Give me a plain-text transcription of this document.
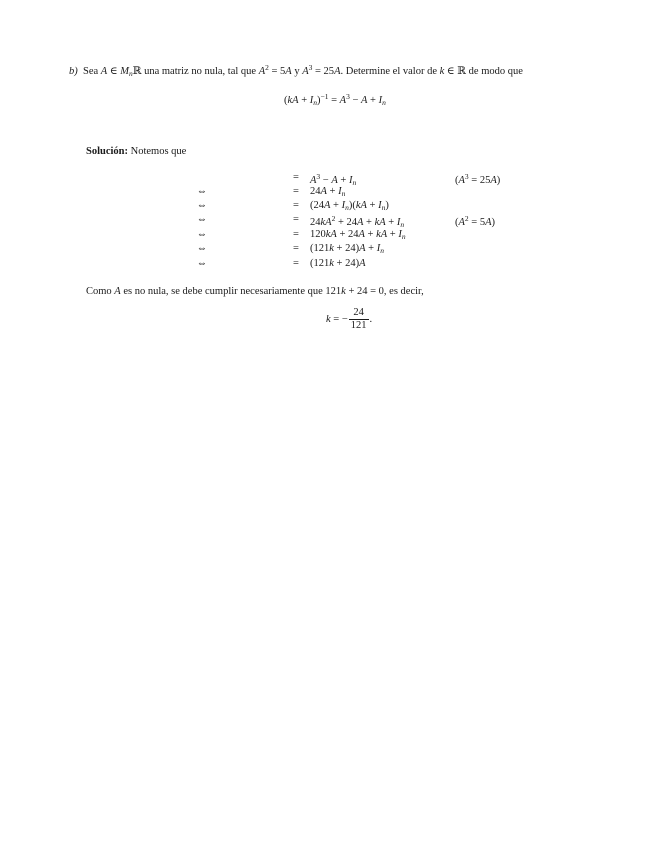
b) Sea A ∈ $M_nℝ$ una matriz no nula, tal que $A^2 = 5A$ y $A^3 = 25A$. Determine el valor de k ∈ ℝ de modo que
$(kA + I_n)^{-1} = A^3 - A + I_n$
Solución: Notemos que
= $A^3 - A + I_n$	$(A^3 = 25A)$
⇔	= $24A + I_n$
⇔	= $(24A + I_n)(kA + I_n)$
⇔	= $24kA^2 + 24A$ + kA + $I_n$	$(A^2 = 5A)$
⇔	= 120kA + 24A + kA + $I_n$
⇔	= $(121k + 24)A + I_n$
⇔	= (121k + 24)A
Como A es no nula, se debe cumplir necesariamente que 121k + 24 = 0, es decir,
k = − $\frac{24}{121}$ .
